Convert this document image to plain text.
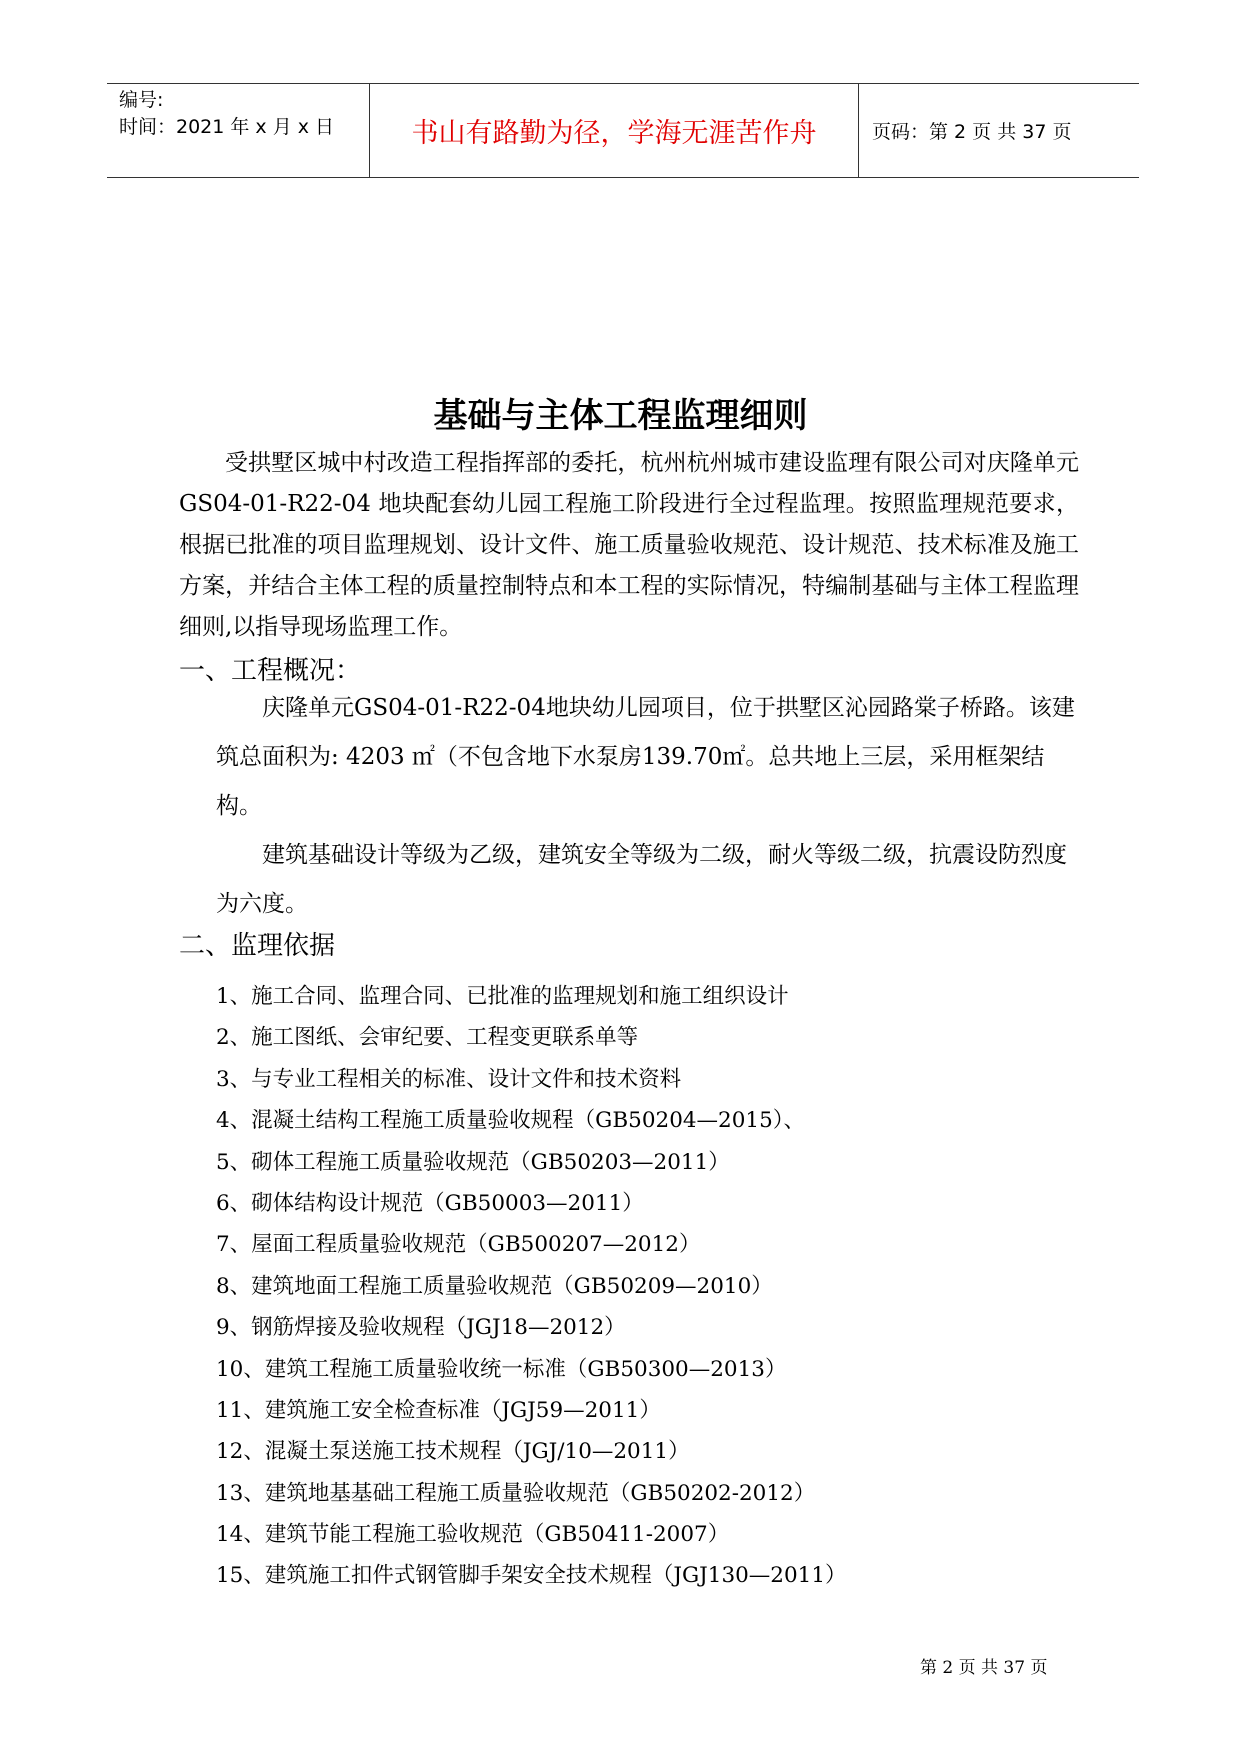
编号:
时间：2021 年 x 月 x 日	书山有路勤为径，学海无涯苦作舟	页码：第 2 页 共 37 页
基础与主体工程监理细则

受拱墅区城中村改造工程指挥部的委托，杭州杭州城市建设监理有限公司对庆隆单元 GS04-01-R22-04 地块配套幼儿园工程施工阶段进行全过程监理。按照监理规范要求，根据已批准的项目监理规划、设计文件、施工质量验收规范、设计规范、技术标准及施工方案，并结合主体工程的质量控制特点和本工程的实际情况，特编制基础与主体工程监理细则,以指导现场监理工作。

一、工程概况：

庆隆单元GS04-01-R22-04地块幼儿园项目，位于拱墅区沁园路棠子桥路。该建筑总面积为: 4203 ㎡（不包含地下水泵房139.70㎡。总共地上三层，采用框架结构。

建筑基础设计等级为乙级，建筑安全等级为二级，耐火等级二级，抗震设防烈度为六度。

二、监理依据
1、施工合同、监理合同、已批准的监理规划和施工组织设计
2、施工图纸、会审纪要、工程变更联系单等
3、与专业工程相关的标准、设计文件和技术资料
4、混凝土结构工程施工质量验收规程（GB50204—2015）、
5、砌体工程施工质量验收规范（GB50203—2011）
6、砌体结构设计规范（GB50003—2011）
7、屋面工程质量验收规范（GB500207—2012）
8、建筑地面工程施工质量验收规范（GB50209—2010）
9、钢筋焊接及验收规程（JGJ18—2012）
10、建筑工程施工质量验收统一标准（GB50300—2013）
11、建筑施工安全检查标准（JGJ59—2011）
12、混凝土泵送施工技术规程（JGJ/10—2011）
13、建筑地基基础工程施工质量验收规范（GB50202-2012）
14、建筑节能工程施工验收规范（GB50411-2007）
15、建筑施工扣件式钢管脚手架安全技术规程（JGJ130—2011）
第 2 页 共 37 页
